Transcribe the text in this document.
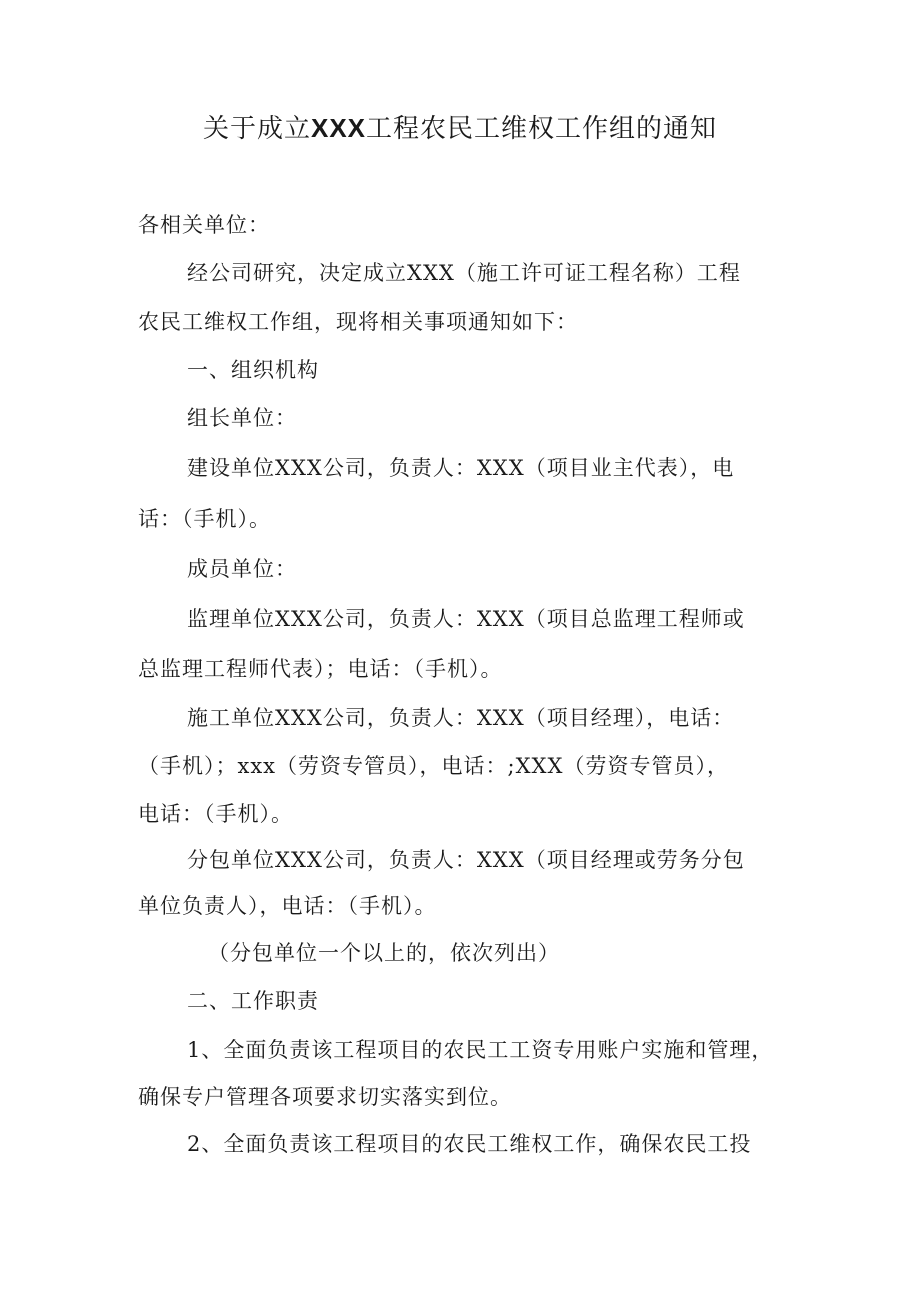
关于成立XXX工程农民工维权工作组的通知
各相关单位：
经公司研究，决定成立XXX（施工许可证工程名称）工程
农民工维权工作组，现将相关事项通知如下：
一、组织机构
组长单位：
建设单位XXX公司，负责人：XXX（项目业主代表），电
话：（手机）。
成员单位：
监理单位XXX公司，负责人：XXX（项目总监理工程师或
总监理工程师代表）；电话：（手机）。
施工单位XXX公司，负责人：XXX（项目经理），电话：
（手机）；xxx（劳资专管员），电话：;XXX（劳资专管员），
电话：（手机）。
分包单位XXX公司，负责人：XXX（项目经理或劳务分包
单位负责人），电话：（手机）。
（分包单位一个以上的，依次列出）
二、工作职责
1、全面负责该工程项目的农民工工资专用账户实施和管理，
确保专户管理各项要求切实落实到位。
2、全面负责该工程项目的农民工维权工作，确保农民工投
